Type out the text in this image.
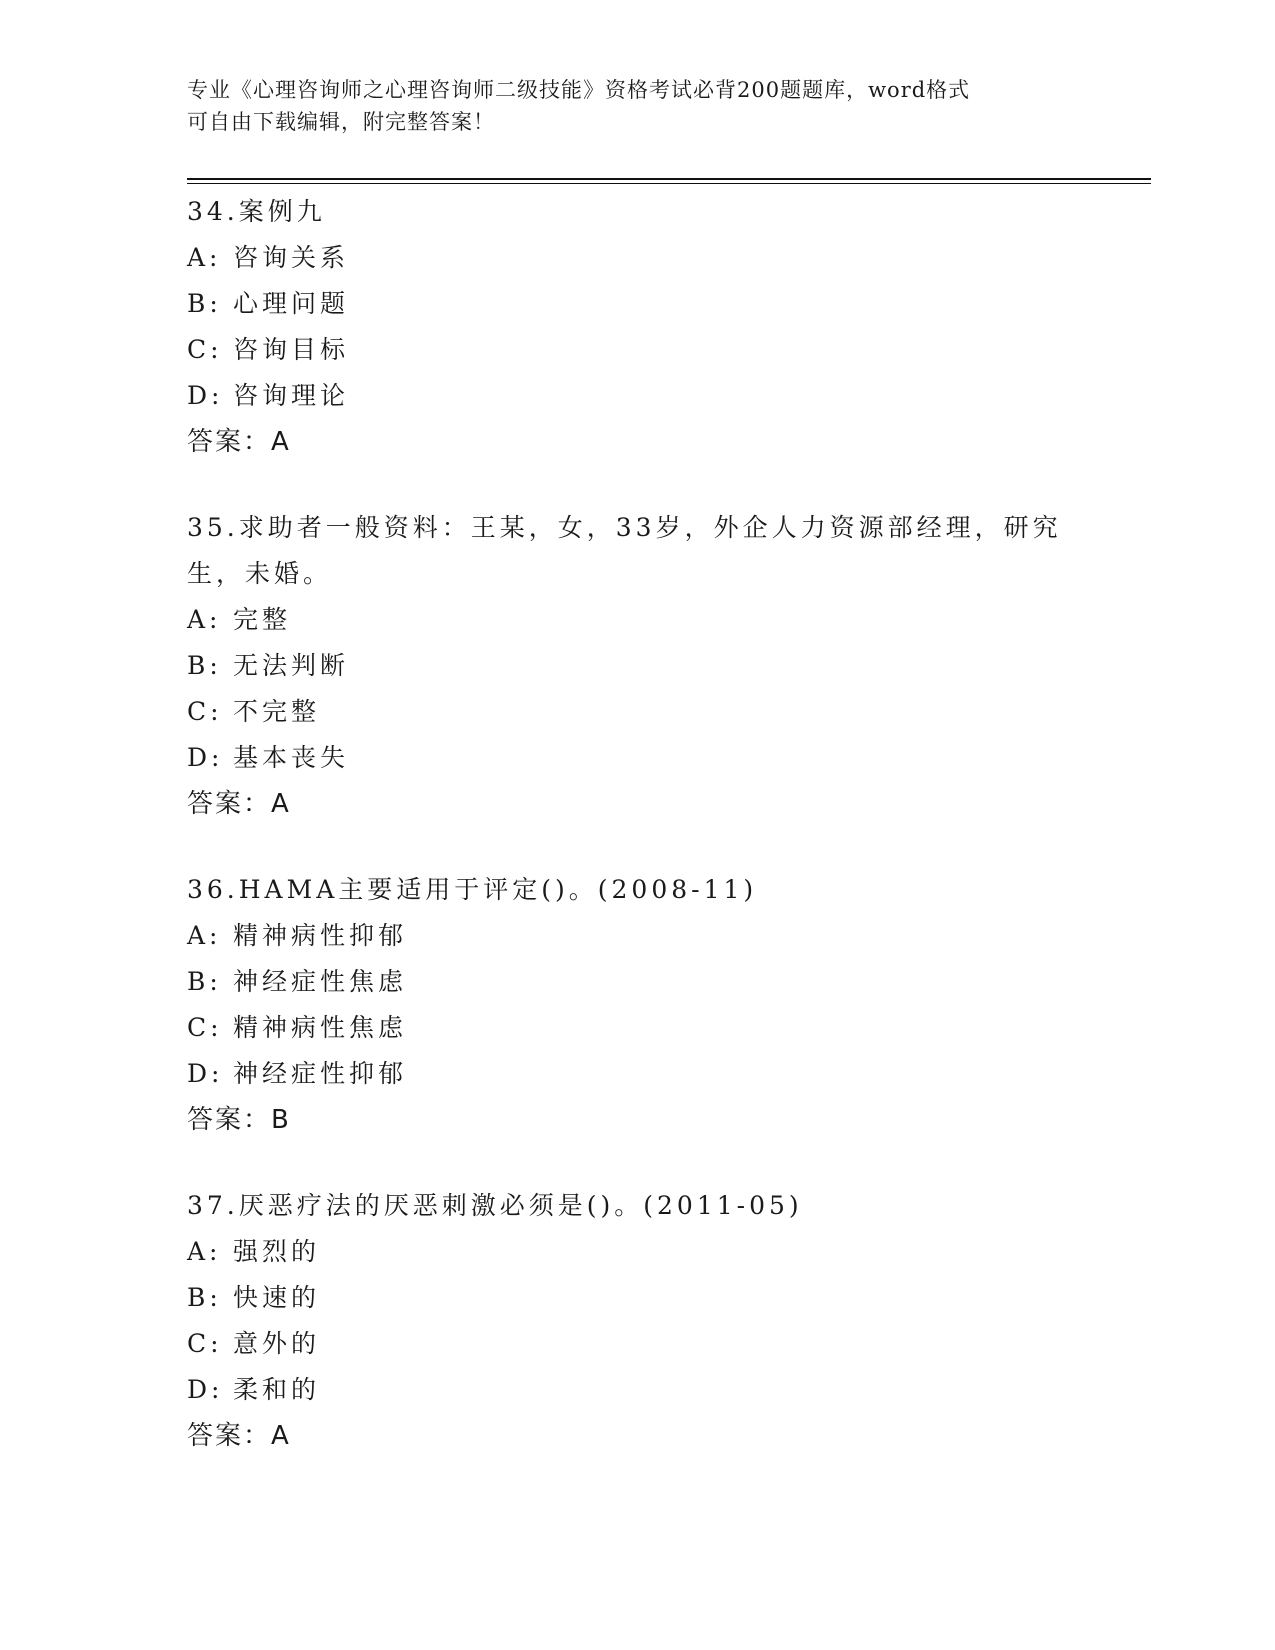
专业《心理咨询师之心理咨询师二级技能》资格考试必背200题题库，word格式
可自由下载编辑，附完整答案！

34.案例九

A: 咨询关系

B: 心理问题

C: 咨询目标

D: 咨询理论

答案：A

35.求助者一般资料：王某，女，33岁，外企人力资源部经理，研究生，未婚。

A: 完整

B: 无法判断

C: 不完整

D: 基本丧失

答案：A

36.HAMA主要适用于评定()。(2008-11)

A: 精神病性抑郁

B: 神经症性焦虑

C: 精神病性焦虑

D: 神经症性抑郁

答案：B

37.厌恶疗法的厌恶刺激必须是()。(2011-05)

A: 强烈的

B: 快速的

C: 意外的

D: 柔和的

答案：A
